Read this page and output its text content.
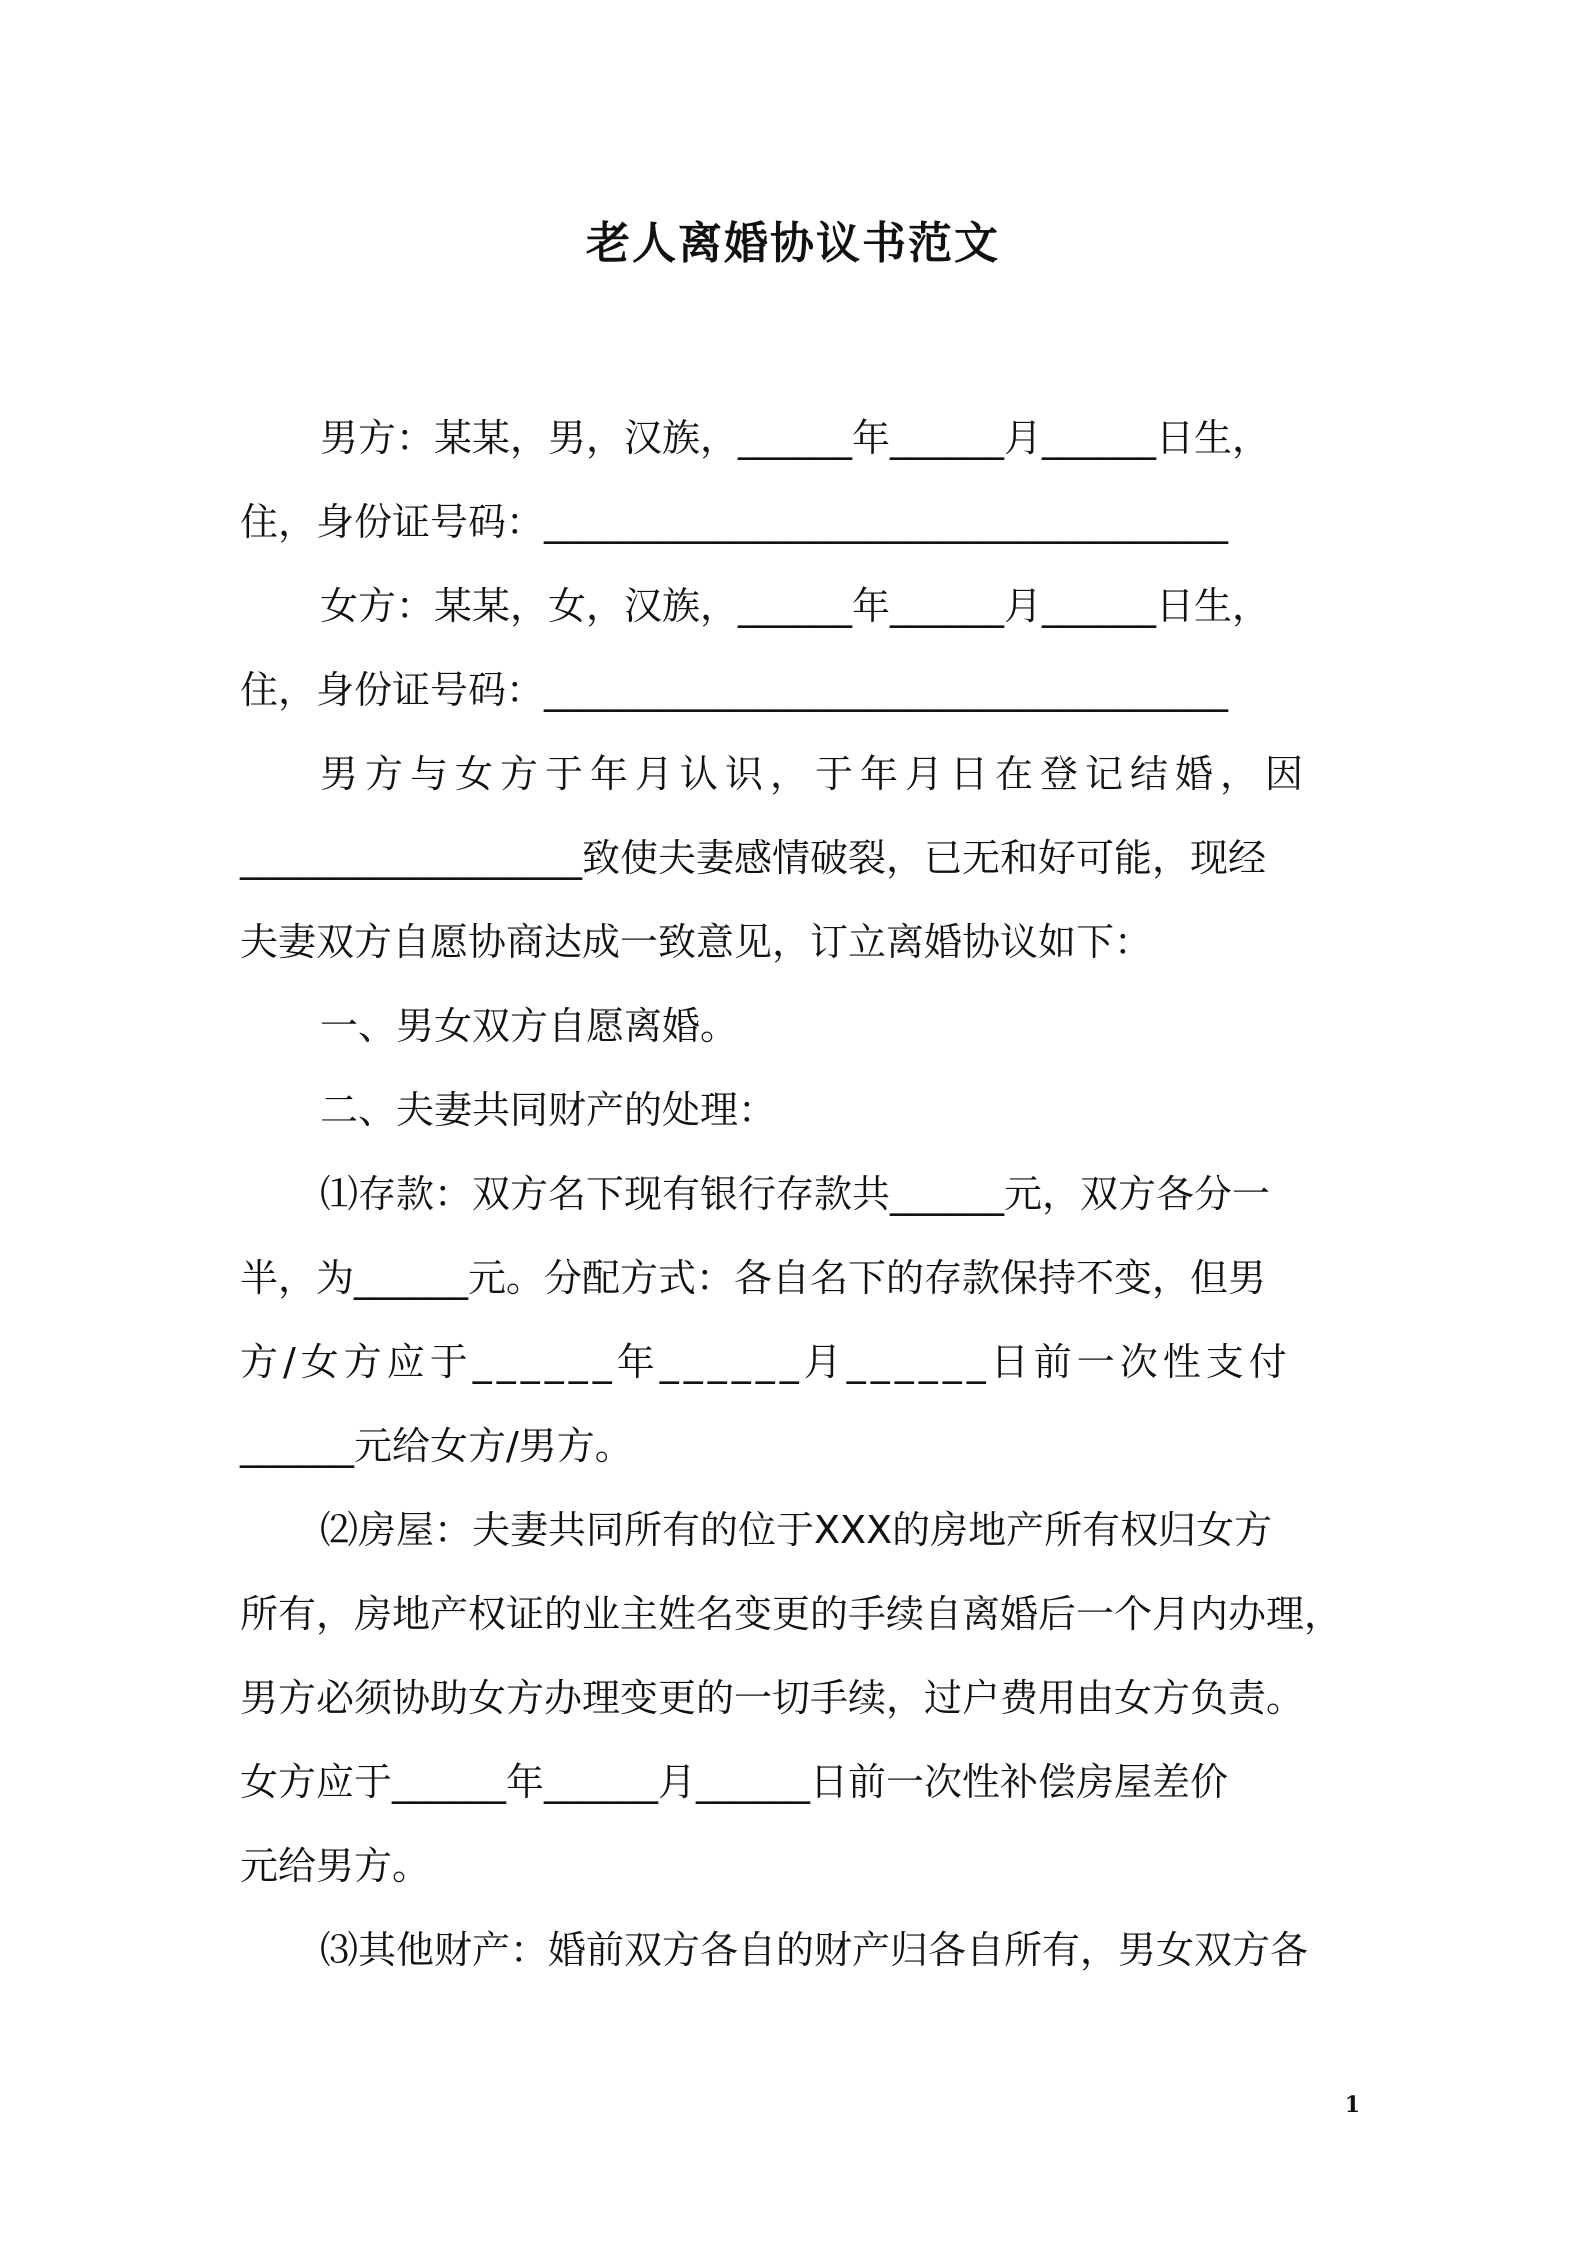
老人离婚协议书范文
男方：某某，男，汉族，______年______月______日生，
住，身份证号码：____________________________________
女方：某某，女，汉族，______年______月______日生，
住，身份证号码：____________________________________
男方与女方于年月认识，于年月日在登记结婚，因
__________________致使夫妻感情破裂，已无和好可能，现经
夫妻双方自愿协商达成一致意见，订立离婚协议如下：
一、男女双方自愿离婚。
二、夫妻共同财产的处理：
⑴存款：双方名下现有银行存款共______元，双方各分一
半，为______元。分配方式：各自名下的存款保持不变，但男
方/女方应于______年______月______日前一次性支付
______元给女方/男方。
⑵房屋：夫妻共同所有的位于XXX的房地产所有权归女方
所有，房地产权证的业主姓名变更的手续自离婚后一个月内办理，
男方必须协助女方办理变更的一切手续，过户费用由女方负责。
女方应于______年______月______日前一次性补偿房屋差价
元给男方。
⑶其他财产：婚前双方各自的财产归各自所有，男女双方各
1
